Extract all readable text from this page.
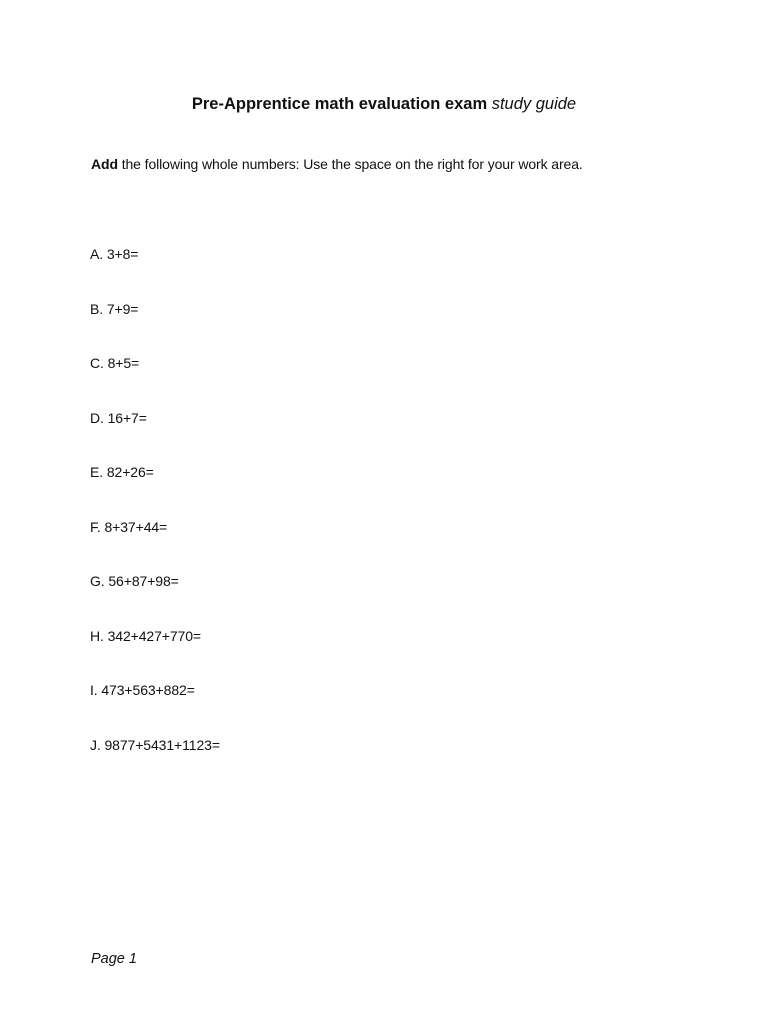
Pre-Apprentice math evaluation exam study guide
Add the following whole numbers: Use the space on the right for your work area.
A. 3+8=
B. 7+9=
C. 8+5=
D. 16+7=
E. 82+26=
F. 8+37+44=
G. 56+87+98=
H. 342+427+770=
I. 473+563+882=
J. 9877+5431+1123=
Page 1
